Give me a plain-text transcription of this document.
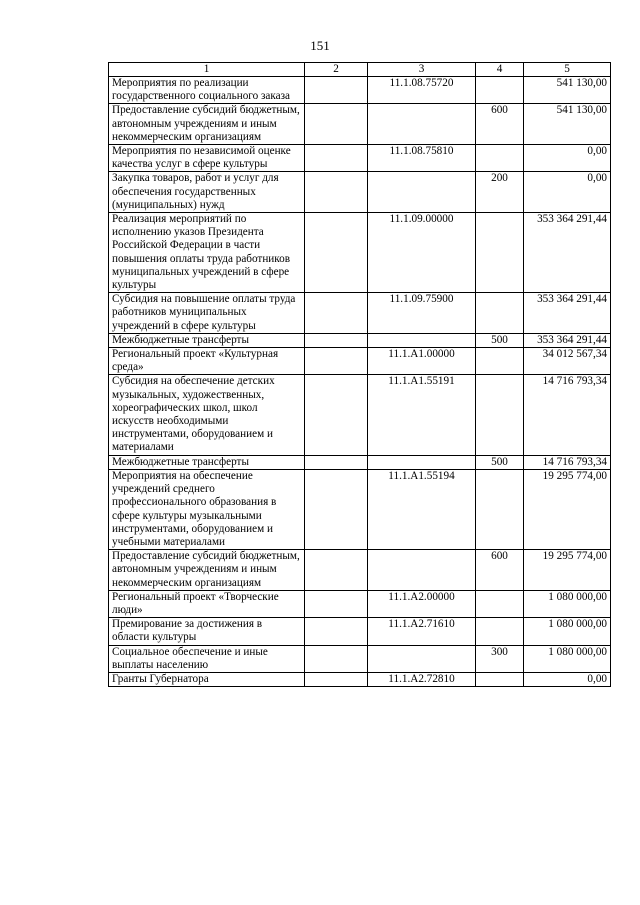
151
1	2	3	4	5
Мероприятия по реализации государственного социального заказа		11.1.08.75720		541 130,00
Предоставление субсидий бюджетным, автономным учреждениям и иным некоммерческим организациям			600	541 130,00
Мероприятия по независимой оценке качества услуг в сфере культуры		11.1.08.75810		0,00
Закупка товаров, работ и услуг для обеспечения государственных (муниципальных) нужд			200	0,00
Реализация мероприятий по исполнению указов Президента Российской Федерации в части повышения оплаты труда работников муниципальных учреждений в сфере культуры		11.1.09.00000		353 364 291,44
Субсидия на повышение оплаты труда работников муниципальных учреждений в сфере культуры		11.1.09.75900		353 364 291,44
Межбюджетные трансферты			500	353 364 291,44
Региональный проект «Культурная среда»		11.1.A1.00000		34 012 567,34
Субсидия на обеспечение детских музыкальных, художественных, хореографических школ, школ искусств необходимыми инструментами, оборудованием и материалами		11.1.A1.55191		14 716 793,34
Межбюджетные трансферты			500	14 716 793,34
Мероприятия на обеспечение учреждений среднего профессионального образования в сфере культуры музыкальными инструментами, оборудованием и учебными материалами		11.1.A1.55194		19 295 774,00
Предоставление субсидий бюджетным, автономным учреждениям и иным некоммерческим организациям			600	19 295 774,00
Региональный проект «Творческие люди»		11.1.A2.00000		1 080 000,00
Премирование за достижения в области культуры		11.1.A2.71610		1 080 000,00
Социальное обеспечение и иные выплаты населению			300	1 080 000,00
Гранты Губернатора		11.1.A2.72810		0,00
